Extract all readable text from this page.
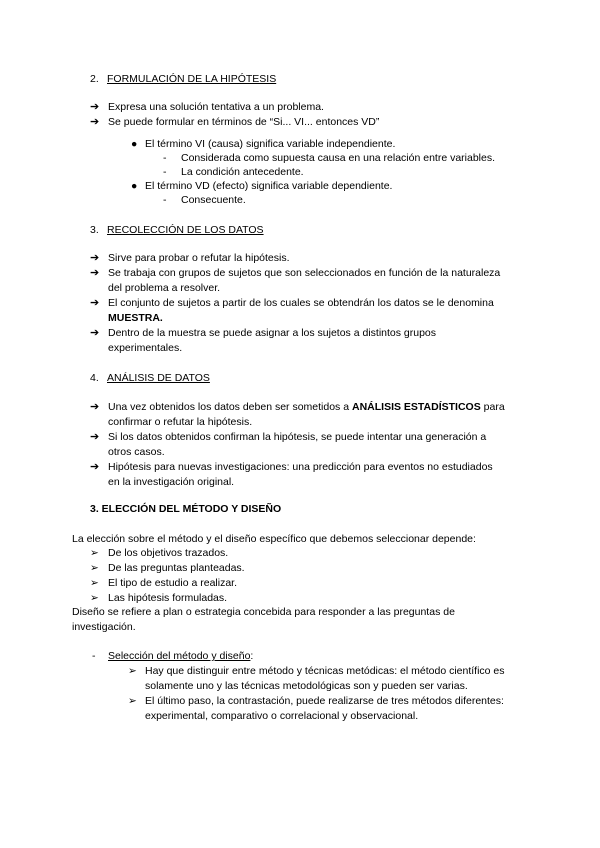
2. FORMULACIÓN DE LA HIPÓTESIS
➔ Expresa una solución tentativa a un problema.
➔ Se puede formular en términos de “Si... VI... entonces VD”
● El término VI (causa) significa variable independiente.
- Considerada como supuesta causa en una relación entre variables.
- La condición antecedente.
● El término VD (efecto) significa variable dependiente.
- Consecuente.
3. RECOLECCIÓN DE LOS DATOS
➔ Sirve para probar o refutar la hipótesis.
➔ Se trabaja con grupos de sujetos que son seleccionados en función de la naturaleza
del problema a resolver.
➔ El conjunto de sujetos a partir de los cuales se obtendrán los datos se le denomina
MUESTRA.
➔ Dentro de la muestra se puede asignar a los sujetos a distintos grupos
experimentales.
4. ANÁLISIS DE DATOS
➔ Una vez obtenidos los datos deben ser sometidos a ANÁLISIS ESTADÍSTICOS para
confirmar o refutar la hipótesis.
➔ Si los datos obtenidos confirman la hipótesis, se puede intentar una generación a
otros casos.
➔ Hipótesis para nuevas investigaciones: una predicción para eventos no estudiados
en la investigación original.
3. ELECCIÓN DEL MÉTODO Y DISEÑO
La elección sobre el método y el diseño específico que debemos seleccionar depende:
➢ De los objetivos trazados.
➢ De las preguntas planteadas.
➢ El tipo de estudio a realizar.
➢ Las hipótesis formuladas.
Diseño se refiere a plan o estrategia concebida para responder a las preguntas de
investigación.
- Selección del método y diseño:
➢ Hay que distinguir entre método y técnicas metódicas: el método científico es
solamente uno y las técnicas metodológicas son y pueden ser varias.
➢ El último paso, la contrastación, puede realizarse de tres métodos diferentes:
experimental, comparativo o correlacional y observacional.
